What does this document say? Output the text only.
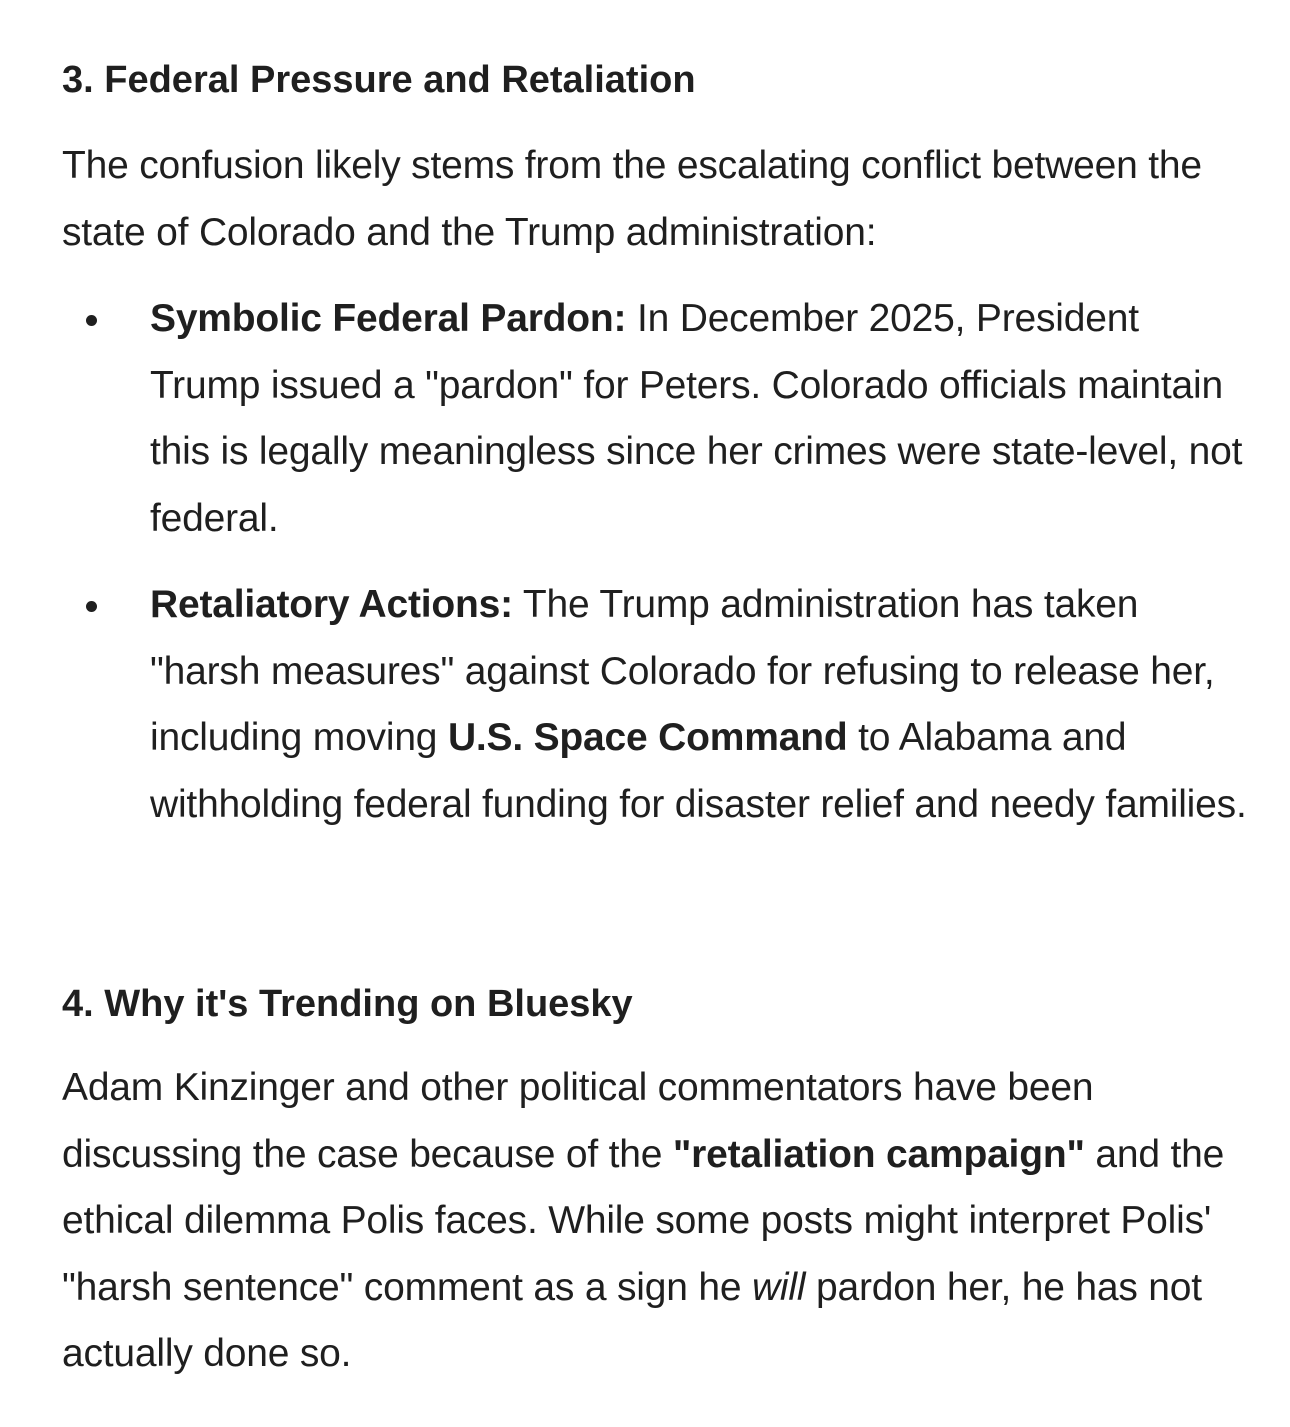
3. Federal Pressure and Retaliation

The confusion likely stems from the escalating conflict between the state of Colorado and the Trump administration:

Symbolic Federal Pardon: In December 2025, President Trump issued a "pardon" for Peters. Colorado officials maintain this is legally meaningless since her crimes were state-level, not federal.
Retaliatory Actions: The Trump administration has taken "harsh measures" against Colorado for refusing to release her, including moving U.S. Space Command to Alabama and withholding federal funding for disaster relief and needy families.
4. Why it's Trending on Bluesky

Adam Kinzinger and other political commentators have been discussing the case because of the "retaliation campaign" and the ethical dilemma Polis faces. While some posts might interpret Polis' "harsh sentence" comment as a sign he will pardon her, he has not actually done so.
